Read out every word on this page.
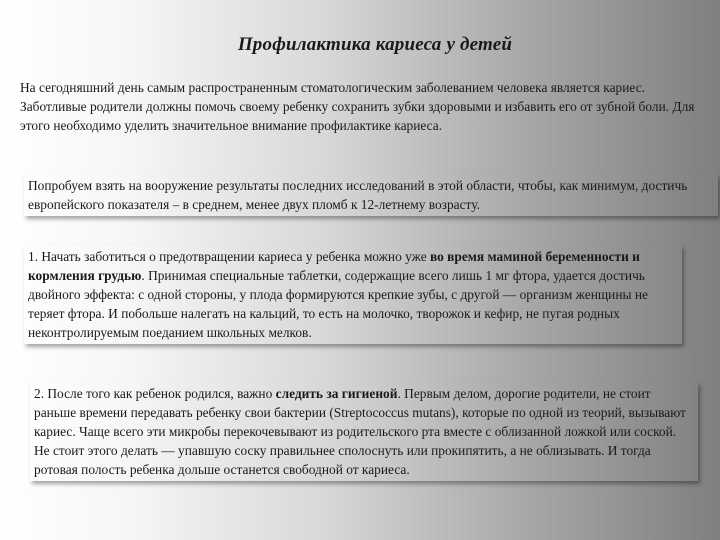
Профилактика кариеса у детей

На сегодняшний день самым распространенным стоматологическим заболеванием человека является кариес. Заботливые родители должны помочь своему ребенку сохранить зубки здоровыми и избавить его от зубной боли. Для этого необходимо уделить значительное внимание профилактике кариеса.

Попробуем взять на вооружение результаты последних исследований в этой области, чтобы, как минимум, достичь европейского показателя – в среднем, менее двух пломб к 12-летнему возрасту.

1. Начать заботиться о предотвращении кариеса у ребенка можно уже во время маминой беременности и кормления грудью. Принимая специальные таблетки, содержащие всего лишь 1 мг фтора, удается достичь двойного эффекта: с одной стороны, у плода формируются крепкие зубы, с другой — организм женщины не теряет фтора. И побольше налегать на кальций, то есть на молочко, творожок и кефир, не пугая родных неконтролируемым поеданием школьных мелков.

2. После того как ребенок родился, важно следить за гигиеной. Первым делом, дорогие родители, не стоит раньше времени передавать ребенку свои бактерии (Streptococcus mutans), которые по одной из теорий, вызывают кариес. Чаще всего эти микробы перекочевывают из родительского рта вместе с облизанной ложкой или соской. Не стоит этого делать — упавшую соску правильнее сполоснуть или прокипятить, а не облизывать. И тогда ротовая полость ребенка дольше останется свободной от кариеса.
